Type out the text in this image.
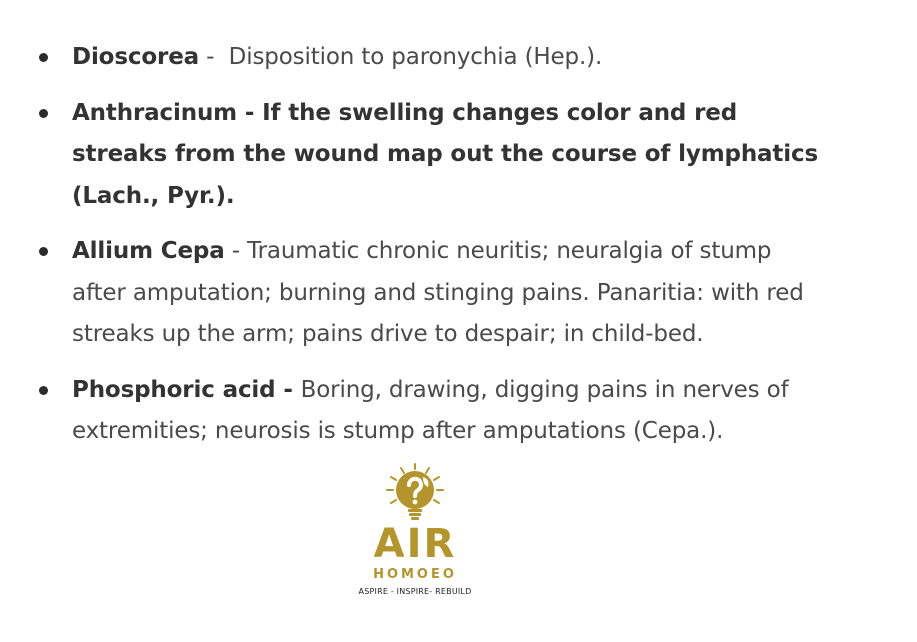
Dioscorea -  Disposition to paronychia (Hep.).
Anthracinum - If the swelling changes color and red streaks from the wound map out the course of lymphatics (Lach., Pyr.).
Allium Cepa - Traumatic chronic neuritis; neuralgia of stump after amputation; burning and stinging pains. Panaritia: with red streaks up the arm; pains drive to despair; in child-bed.
Phosphoric acid - Boring, drawing, digging pains in nerves of extremities; neurosis is stump after amputations (Cepa.).
AIR
HOMOEO
ASPIRE - INSPIRE- REBUILD
